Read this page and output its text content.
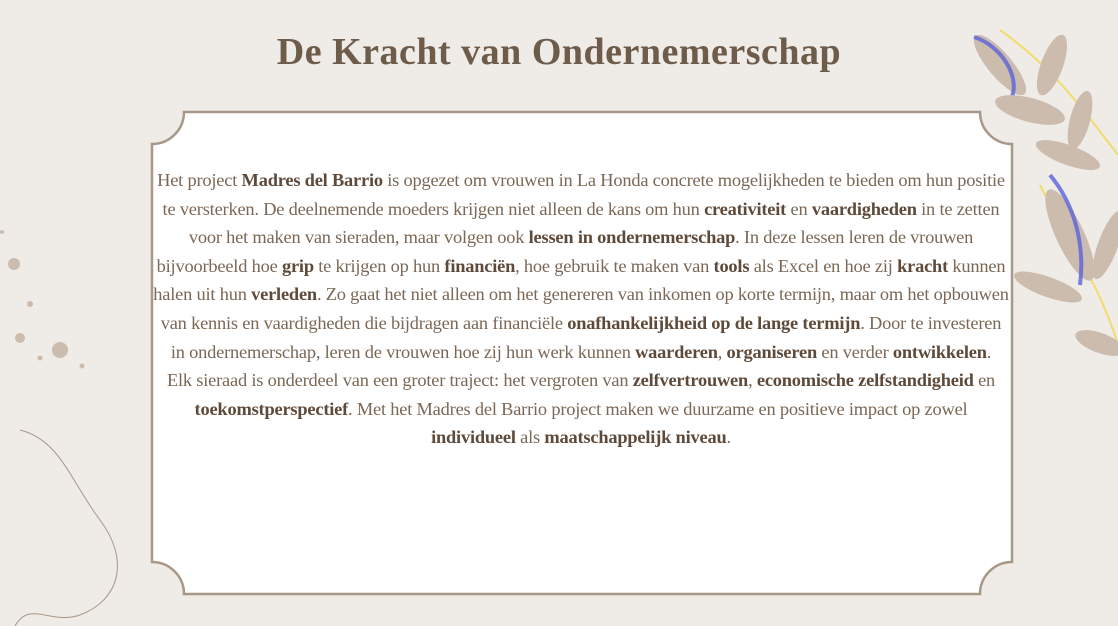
De Kracht van Ondernemerschap
Het project Madres del Barrio is opgezet om vrouwen in La Honda concrete mogelijkheden te bieden om hun positie te versterken. De deelnemende moeders krijgen niet alleen de kans om hun creativiteit en vaardigheden in te zetten voor het maken van sieraden, maar volgen ook lessen in ondernemerschap. In deze lessen leren de vrouwen bijvoorbeeld hoe grip te krijgen op hun financiën, hoe gebruik te maken van tools als Excel en hoe zij kracht kunnen halen uit hun verleden. Zo gaat het niet alleen om het genereren van inkomen op korte termijn, maar om het opbouwen van kennis en vaardigheden die bijdragen aan financiële onafhankelijkheid op de lange termijn. Door te investeren in ondernemerschap, leren de vrouwen hoe zij hun werk kunnen waarderen, organiseren en verder ontwikkelen.
Elk sieraad is onderdeel van een groter traject: het vergroten van zelfvertrouwen, economische zelfstandigheid en toekomstperspectief. Met het Madres del Barrio project maken we duurzame en positieve impact op zowel individueel als maatschappelijk niveau.
